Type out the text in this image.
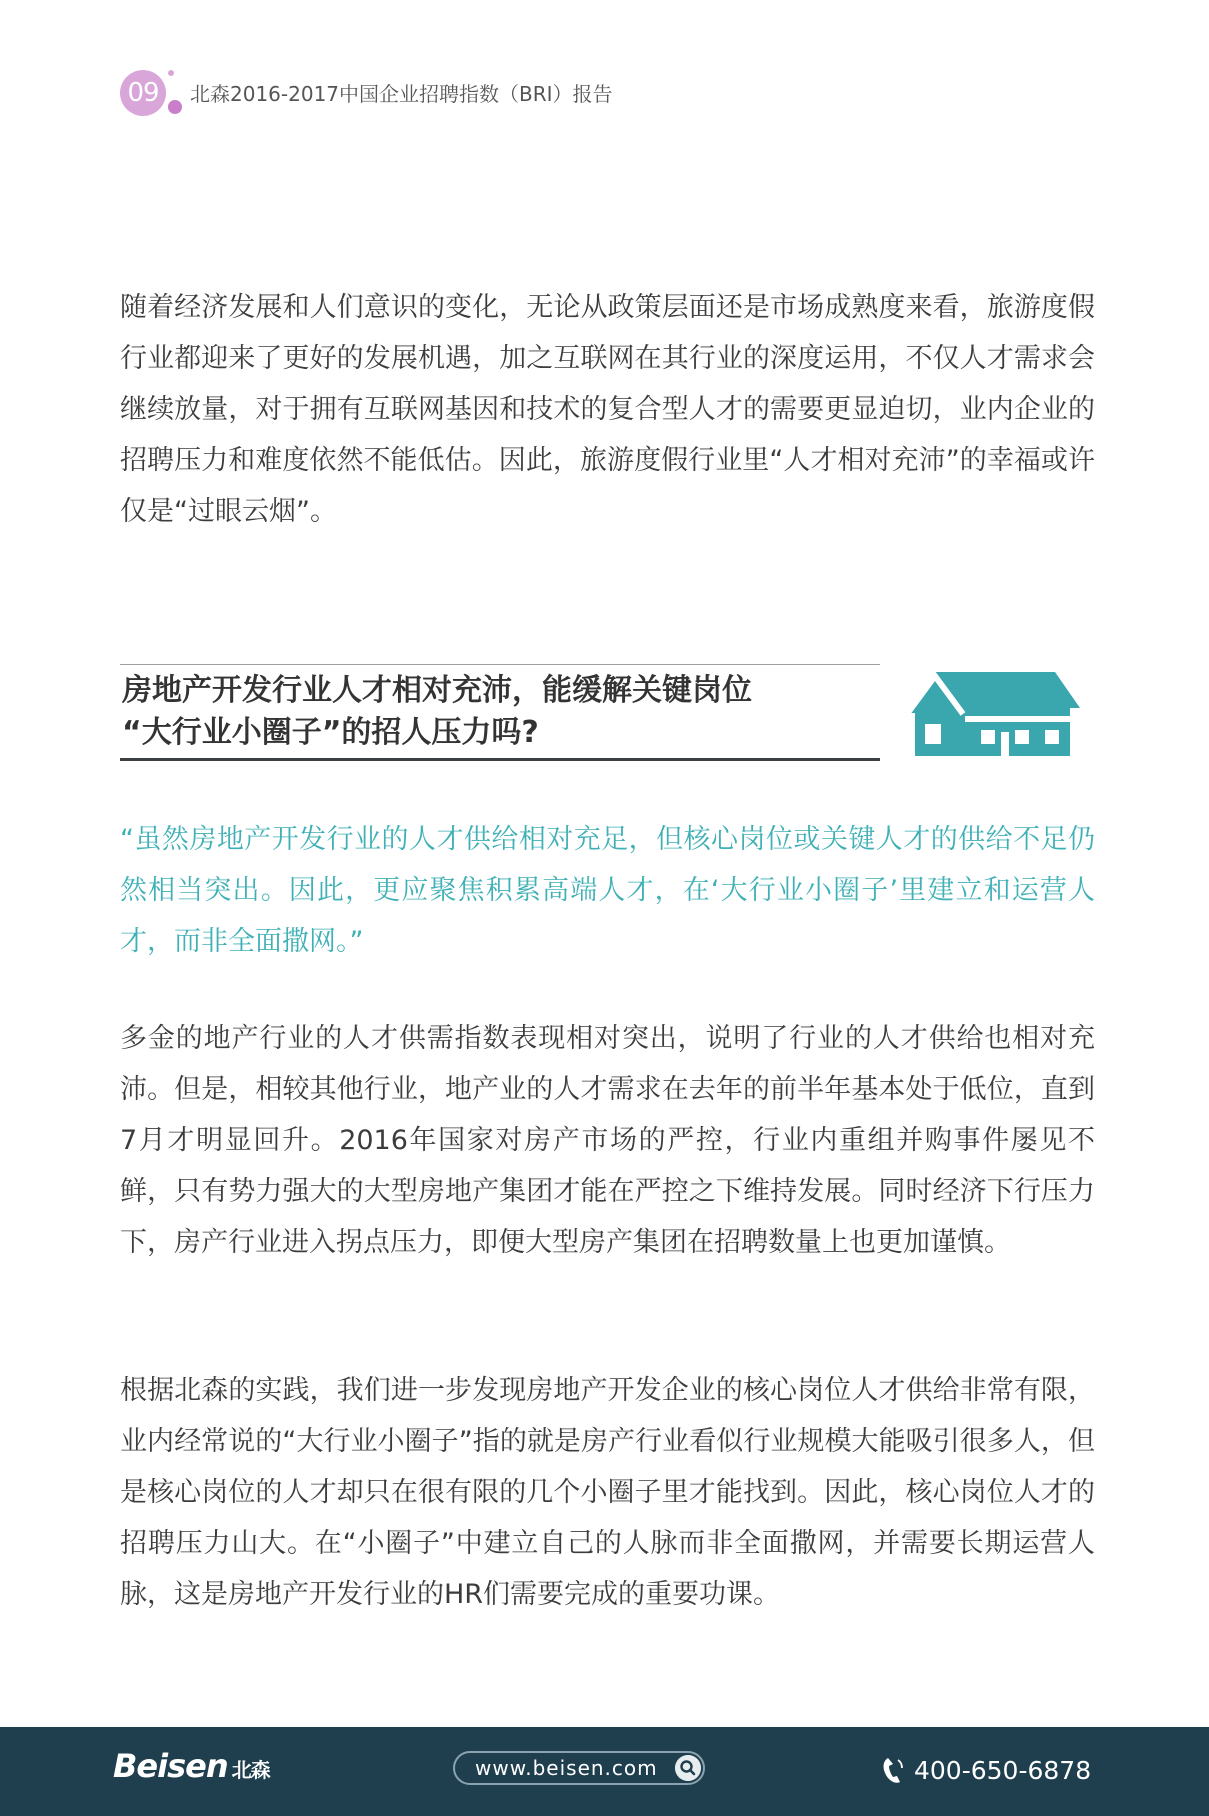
09	北森2016-2017中国企业招聘指数（BRI）报告

随着经济发展和人们意识的变化，无论从政策层面还是市场成熟度来看，旅游度假行业都迎来了更好的发展机遇，加之互联网在其行业的深度运用，不仅人才需求会继续放量，对于拥有互联网基因和技术的复合型人才的需要更显迫切，业内企业的招聘压力和难度依然不能低估。因此，旅游度假行业里“人才相对充沛”的幸福或许仅是“过眼云烟”。

房地产开发行业人才相对充沛，能缓解关键岗位
“大行业小圈子”的招人压力吗?

“虽然房地产开发行业的人才供给相对充足，但核心岗位或关键人才的供给不足仍然相当突出。因此，更应聚焦积累高端人才，在‘大行业小圈子’里建立和运营人才，而非全面撒网。”

多金的地产行业的人才供需指数表现相对突出，说明了行业的人才供给也相对充沛。但是，相较其他行业，地产业的人才需求在去年的前半年基本处于低位，直到7月才明显回升。2016年国家对房产市场的严控，行业内重组并购事件屡见不鲜，只有势力强大的大型房地产集团才能在严控之下维持发展。同时经济下行压力下，房产行业进入拐点压力，即便大型房产集团在招聘数量上也更加谨慎。

根据北森的实践，我们进一步发现房地产开发企业的核心岗位人才供给非常有限，业内经常说的“大行业小圈子”指的就是房产行业看似行业规模大能吸引很多人，但是核心岗位的人才却只在很有限的几个小圈子里才能找到。因此，核心岗位人才的招聘压力山大。在“小圈子”中建立自己的人脉而非全面撒网，并需要长期运营人脉，这是房地产开发行业的HR们需要完成的重要功课。

Beisen 北森	www.beisen.com	400-650-6878
